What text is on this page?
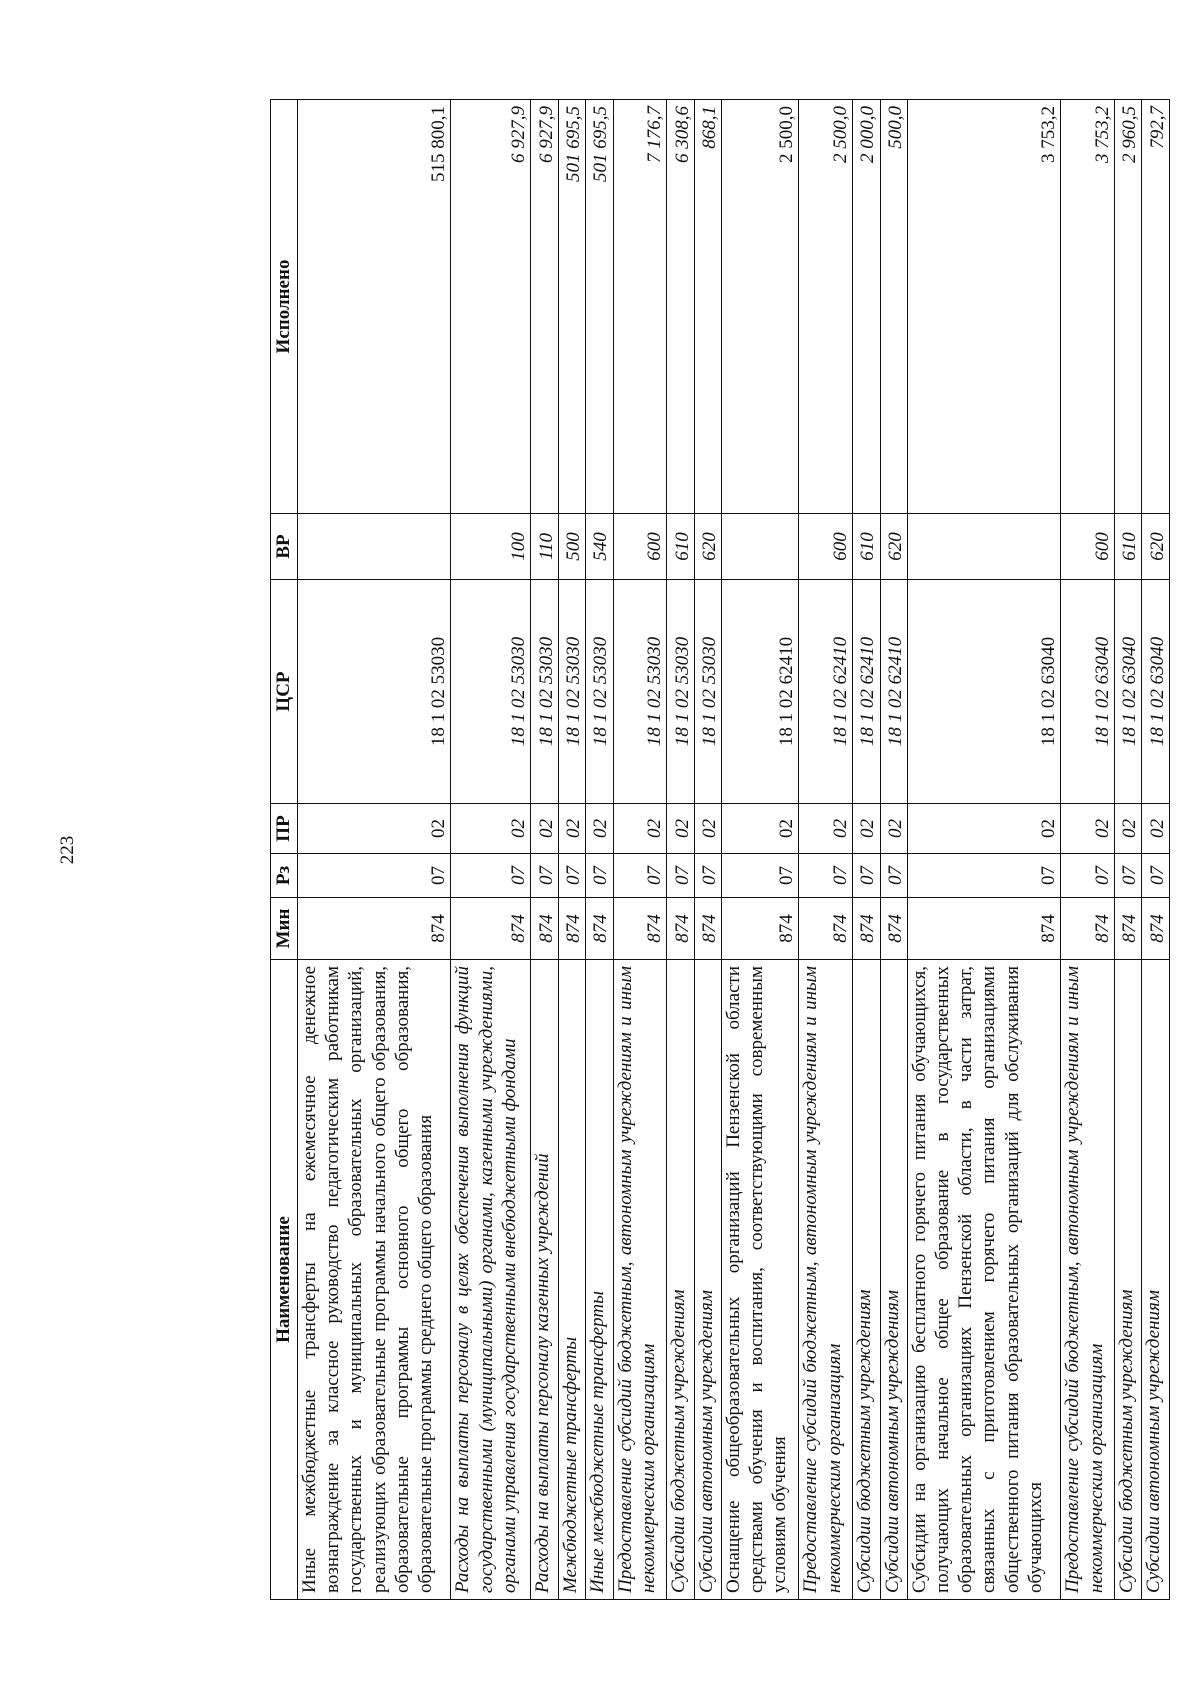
223
Наименование	Мин	Рз	ПР	ЦСР	ВР	Исполнено
Иные межбюджетные трансферты на ежемесячное денежное вознаграждение за классное руководство педагогическим работникам государственных и муниципальных образовательных организаций, реализующих образовательные программы начального общего образования, образовательные программы основного общего образования, образовательные программы среднего общего образования	874	07	02	18 1 02 53030		515 800,1
Расходы на выплаты персоналу в целях обеспечения выполнения функций государственными (муниципальными) органами, казенными учреждениями, органами управления государственными внебюджетными фондами	874	07	02	18 1 02 53030	100	6 927,9
Расходы на выплаты персоналу казенных учреждений	874	07	02	18 1 02 53030	110	6 927,9
Межбюджетные трансферты	874	07	02	18 1 02 53030	500	501 695,5
Иные межбюджетные трансферты	874	07	02	18 1 02 53030	540	501 695,5
Предоставление субсидий бюджетным, автономным учреждениям и иным некоммерческим организациям	874	07	02	18 1 02 53030	600	7 176,7
Субсидии бюджетным учреждениям	874	07	02	18 1 02 53030	610	6 308,6
Субсидии автономным учреждениям	874	07	02	18 1 02 53030	620	868,1
Оснащение общеобразовательных организаций Пензенской области средствами обучения и воспитания, соответствующими современным условиям обучения	874	07	02	18 1 02 62410		2 500,0
Предоставление субсидий бюджетным, автономным учреждениям и иным некоммерческим организациям	874	07	02	18 1 02 62410	600	2 500,0
Субсидии бюджетным учреждениям	874	07	02	18 1 02 62410	610	2 000,0
Субсидии автономным учреждениям	874	07	02	18 1 02 62410	620	500,0
Субсидии на организацию бесплатного горячего питания обучающихся, получающих начальное общее образование в государственных образовательных организациях Пензенской области, в части затрат, связанных с приготовлением горячего питания организациями общественного питания образовательных организаций для обслуживания обучающихся	874	07	02	18 1 02 63040		3 753,2
Предоставление субсидий бюджетным, автономным учреждениям и иным некоммерческим организациям	874	07	02	18 1 02 63040	600	3 753,2
Субсидии бюджетным учреждениям	874	07	02	18 1 02 63040	610	2 960,5
Субсидии автономным учреждениям	874	07	02	18 1 02 63040	620	792,7
